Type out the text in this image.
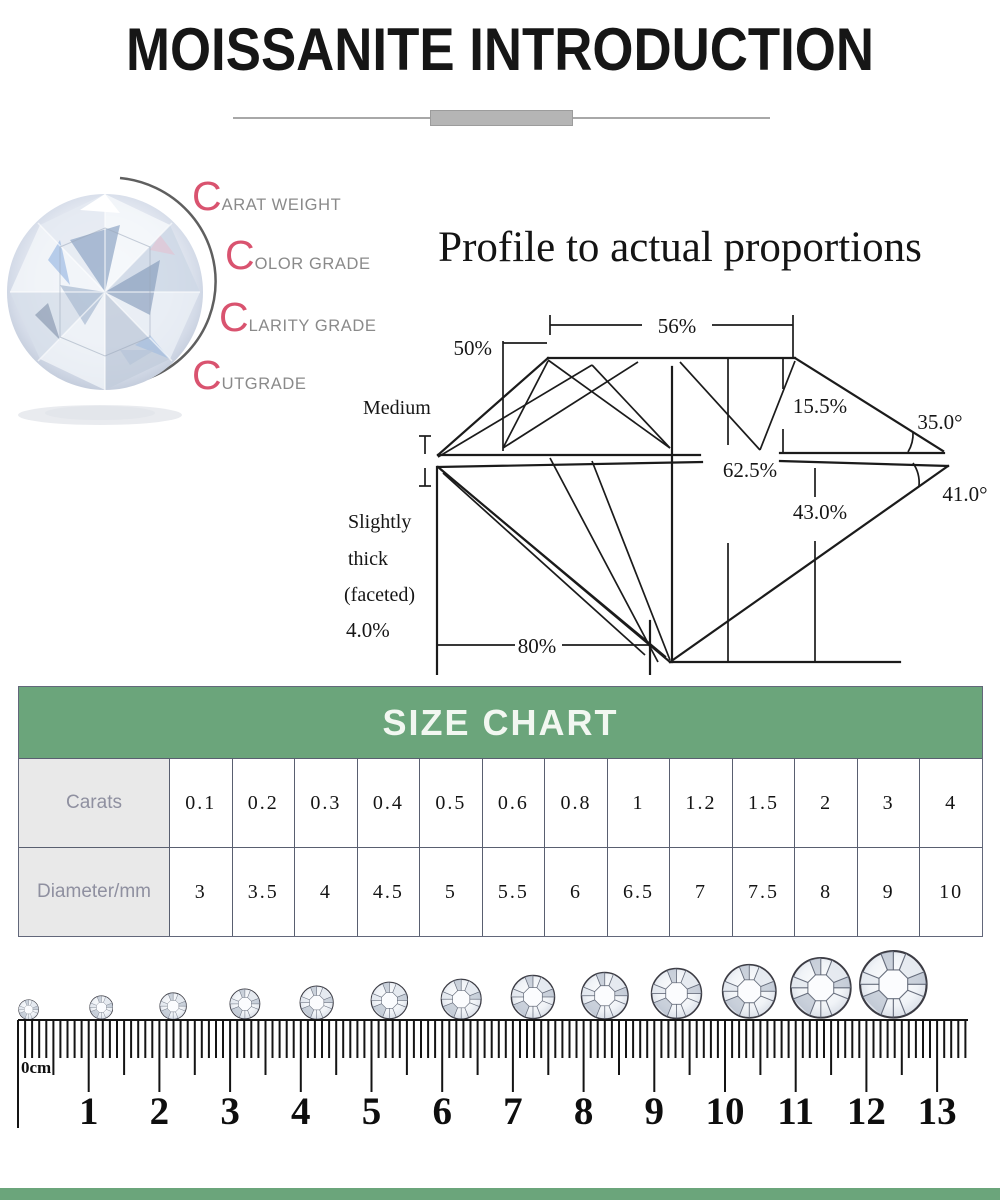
MOISSANITE INTRODUCTION
CARAT WEIGHT
COLOR GRADE
CLARITY GRADE
CUTGRADE
Profile to actual proportions
56%
50%
Medium	15.5%
35.0°
62.5%
41.0°
43.0%
Slightly
thick
(faceted)
4.0%
80%
SIZE CHART
Carats	0.1	0.2	0.3	0.4	0.5	0.6	0.8	1	1.2	1.5	2	3	4
Diameter/mm	3	3.5	4	4.5	5	5.5	6	6.5	7	7.5	8	9	10
0cm
1 2 3 4 5 6 7 8 9 10 11 12 13
